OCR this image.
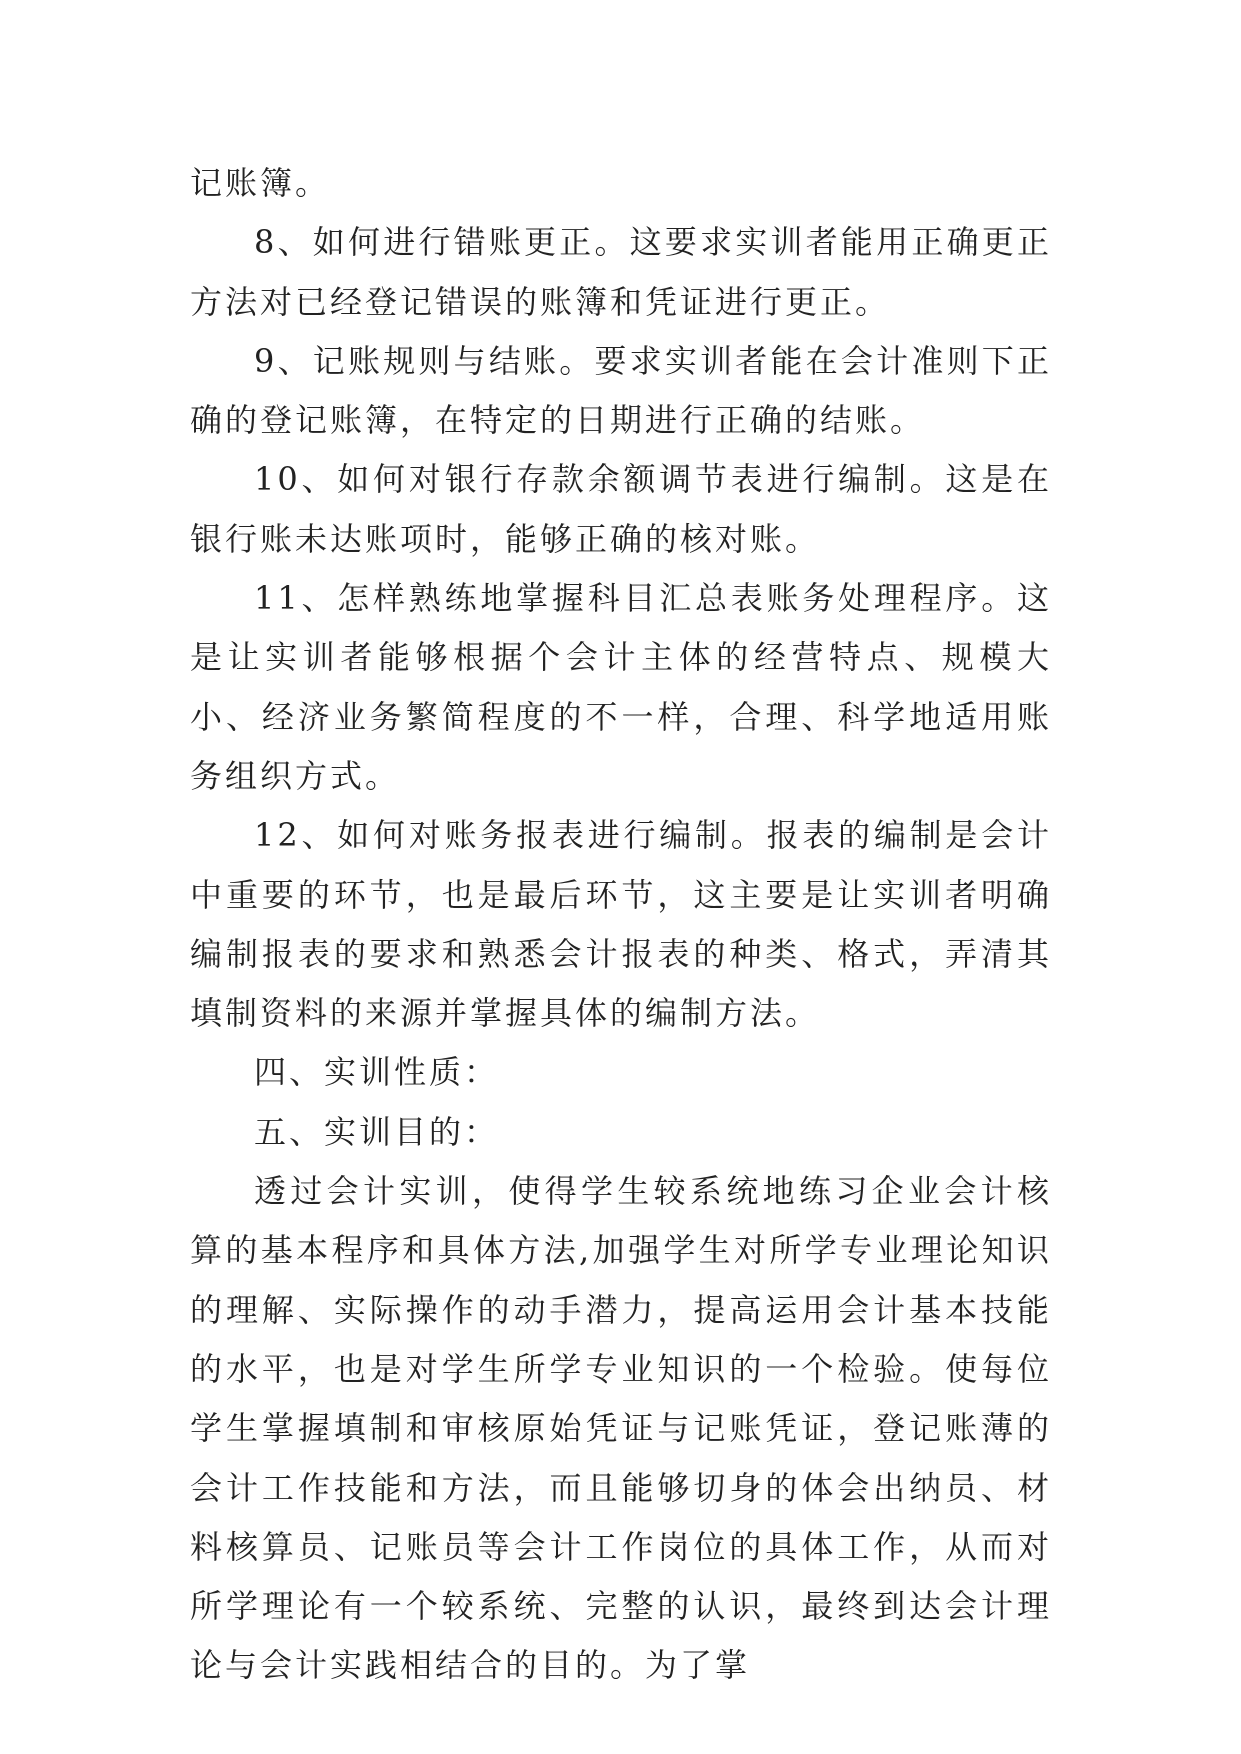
记账簿。

8、如何进行错账更正。这要求实训者能用正确更正方法对已经登记错误的账簿和凭证进行更正。

9、记账规则与结账。要求实训者能在会计准则下正确的登记账簿，在特定的日期进行正确的结账。

10、如何对银行存款余额调节表进行编制。这是在银行账未达账项时，能够正确的核对账。

11、怎样熟练地掌握科目汇总表账务处理程序。这是让实训者能够根据个会计主体的经营特点、规模大小、经济业务繁简程度的不一样，合理、科学地适用账务组织方式。

12、如何对账务报表进行编制。报表的编制是会计中重要的环节，也是最后环节，这主要是让实训者明确编制报表的要求和熟悉会计报表的种类、格式，弄清其填制资料的来源并掌握具体的编制方法。

四、实训性质：

五、实训目的：

透过会计实训，使得学生较系统地练习企业会计核算的基本程序和具体方法,加强学生对所学专业理论知识的理解、实际操作的动手潜力，提高运用会计基本技能的水平，也是对学生所学专业知识的一个检验。使每位学生掌握填制和审核原始凭证与记账凭证，登记账薄的会计工作技能和方法，而且能够切身的体会出纳员、材料核算员、记账员等会计工作岗位的具体工作，从而对所学理论有一个较系统、完整的认识，最终到达会计理论与会计实践相结合的目的。为了掌
